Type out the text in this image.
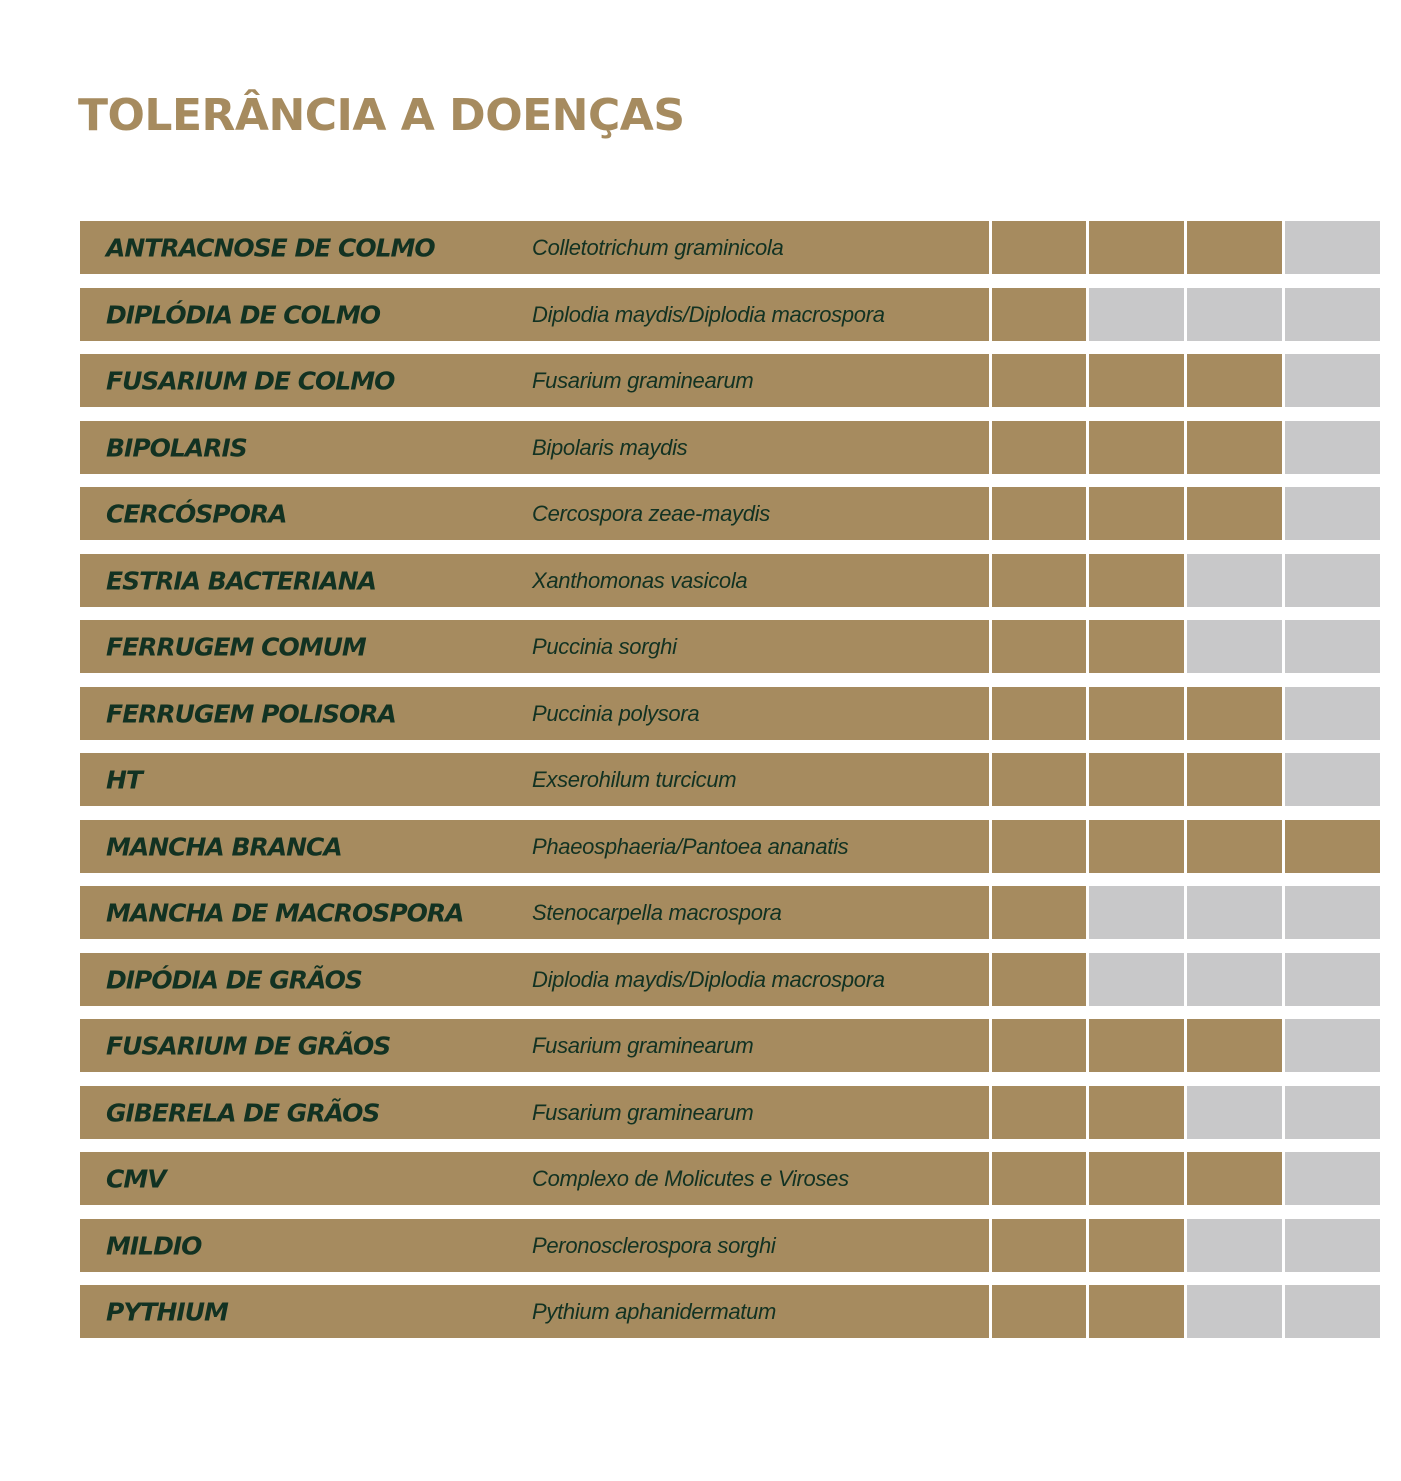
TOLERÂNCIA A DOENÇAS
ANTRACNOSE DE COLMO	Colletotrichum graminicola
DIPLÓDIA DE COLMO	Diplodia maydis/Diplodia macrospora
FUSARIUM DE COLMO	Fusarium graminearum
BIPOLARIS	Bipolaris maydis
CERCÓSPORA	Cercospora zeae-maydis
ESTRIA BACTERIANA	Xanthomonas vasicola
FERRUGEM COMUM	Puccinia sorghi
FERRUGEM POLISORA	Puccinia polysora
HT	Exserohilum turcicum
MANCHA BRANCA	Phaeosphaeria/Pantoea ananatis
MANCHA DE MACROSPORA	Stenocarpella macrospora
DIPÓDIA DE GRÃOS	Diplodia maydis/Diplodia macrospora
FUSARIUM DE GRÃOS	Fusarium graminearum
GIBERELA DE GRÃOS	Fusarium graminearum
CMV	Complexo de Molicutes e Viroses
MILDIO	Peronosclerospora sorghi
PYTHIUM	Pythium aphanidermatum
